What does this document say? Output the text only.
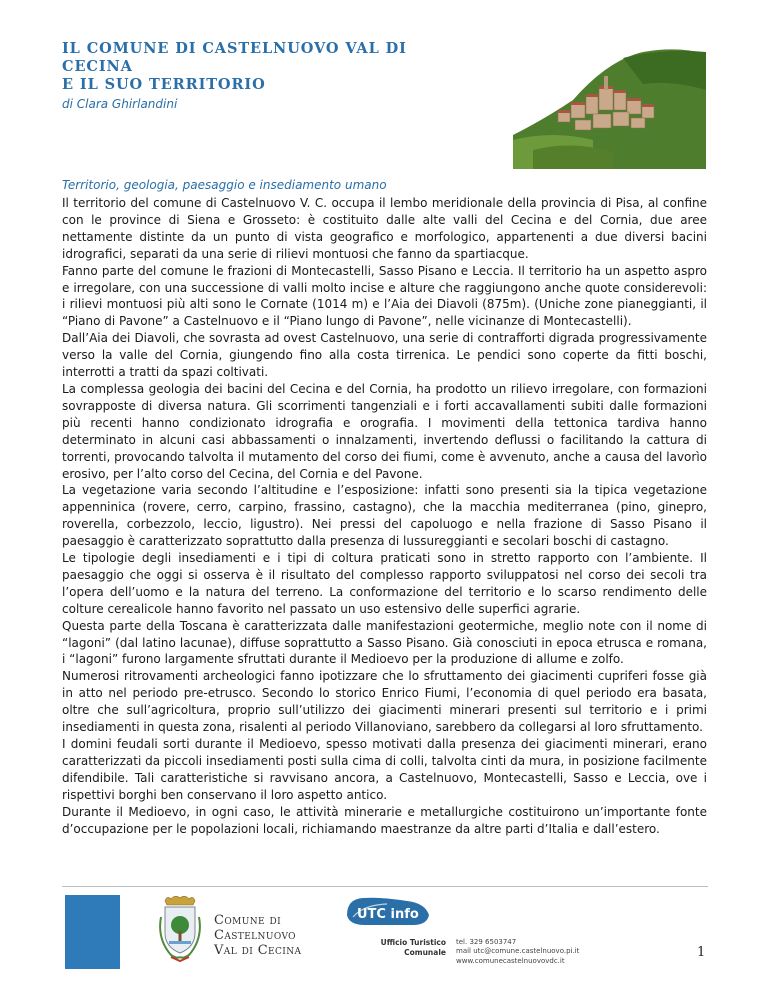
IL COMUNE DI CASTELNUOVO VAL DI CECINA
E IL SUO TERRITORIO
di Clara Ghirlandini
Territorio, geologia, paesaggio e insediamento umano

Il territorio del comune di Castelnuovo V. C. occupa il lembo meridionale della provincia di Pisa, al confine con le province di Siena e Grosseto: è costituito dalle alte valli del Cecina e del Cornia, due aree nettamente distinte da un punto di vista geografico e morfologico, appartenenti a due diversi bacini idrografici, separati da una serie di rilievi montuosi che fanno da spartiacque.

Fanno parte del comune le frazioni di Montecastelli, Sasso Pisano e Leccia. Il territorio ha un aspetto aspro e irregolare, con una successione di valli molto incise e alture che raggiungono anche quote considerevoli: i rilievi montuosi più alti sono le Cornate (1014 m) e l’Aia dei Diavoli (875m). (Uniche zone pianeggianti, il “Piano di Pavone” a Castelnuovo e il “Piano lungo di Pavone”, nelle vicinanze di Montecastelli).

Dall’Aia dei Diavoli, che sovrasta ad ovest Castelnuovo, una serie di contrafforti digrada progressivamente verso la valle del Cornia, giungendo fino alla costa tirrenica. Le pendici sono coperte da fitti boschi, interrotti a tratti da spazi coltivati.

La complessa geologia dei bacini del Cecina e del Cornia, ha prodotto un rilievo irregolare, con formazioni sovrapposte di diversa natura. Gli scorrimenti tangenziali e i forti accavallamenti subiti dalle formazioni più recenti hanno condizionato idrografia e orografia. I movimenti della tettonica tardiva hanno determinato in alcuni casi abbassamenti o innalzamenti, invertendo deflussi o facilitando la cattura di torrenti, provocando talvolta il mutamento del corso dei fiumi, come è avvenuto, anche a causa del lavorìo erosivo, per l’alto corso del Cecina, del Cornia e del Pavone.

La vegetazione varia secondo l’altitudine e l’esposizione: infatti sono presenti sia la tipica vegetazione appenninica (rovere, cerro, carpino, frassino, castagno), che la macchia mediterranea (pino, ginepro, roverella, corbezzolo, leccio, ligustro). Nei pressi del capoluogo e nella frazione di Sasso Pisano il paesaggio è caratterizzato soprattutto dalla presenza di lussureggianti e secolari boschi di castagno.

Le tipologie degli insediamenti e i tipi di coltura praticati sono in stretto rapporto con l’ambiente. Il paesaggio che oggi si osserva è il risultato del complesso rapporto sviluppatosi nel corso dei secoli tra l’opera dell’uomo e la natura del terreno. La conformazione del territorio e lo scarso rendimento delle colture cerealicole hanno favorito nel passato un uso estensivo delle superfici agrarie.

Questa parte della Toscana è caratterizzata dalle manifestazioni geotermiche, meglio note con il nome di “lagoni” (dal latino lacunae), diffuse soprattutto a Sasso Pisano. Già conosciuti in epoca etrusca e romana, i “lagoni” furono largamente sfruttati durante il Medioevo per la produzione di allume e zolfo.

Numerosi ritrovamenti archeologici fanno ipotizzare che lo sfruttamento dei giacimenti cupriferi fosse già in atto nel periodo pre-etrusco. Secondo lo storico Enrico Fiumi, l’economia di quel periodo era basata, oltre che sull’agricoltura, proprio sull’utilizzo dei giacimenti minerari presenti sul territorio e i primi insediamenti in questa zona, risalenti al periodo Villanoviano, sarebbero da collegarsi al loro sfruttamento.

I domini feudali sorti durante il Medioevo, spesso motivati dalla presenza dei giacimenti minerari, erano caratterizzati da piccoli insediamenti posti sulla cima di colli, talvolta cinti da mura, in posizione facilmente difendibile. Tali caratteristiche si ravvisano ancora, a Castelnuovo, Montecastelli, Sasso e Leccia, ove i rispettivi borghi ben conservano il loro aspetto antico.

Durante il Medioevo, in ogni caso, le attività minerarie e metallurgiche costituirono un’importante fonte d’occupazione per le popolazioni locali, richiamando maestranze da altre parti d’Italia e dall’estero.

Comune di
Castelnuovo
Val di Cecina
UTC info
Ufficio Turistico
Comunale
tel. 329 6503747
mail utc@comune.castelnuovo.pi.it
www.comunecastelnuovovdc.it
1
